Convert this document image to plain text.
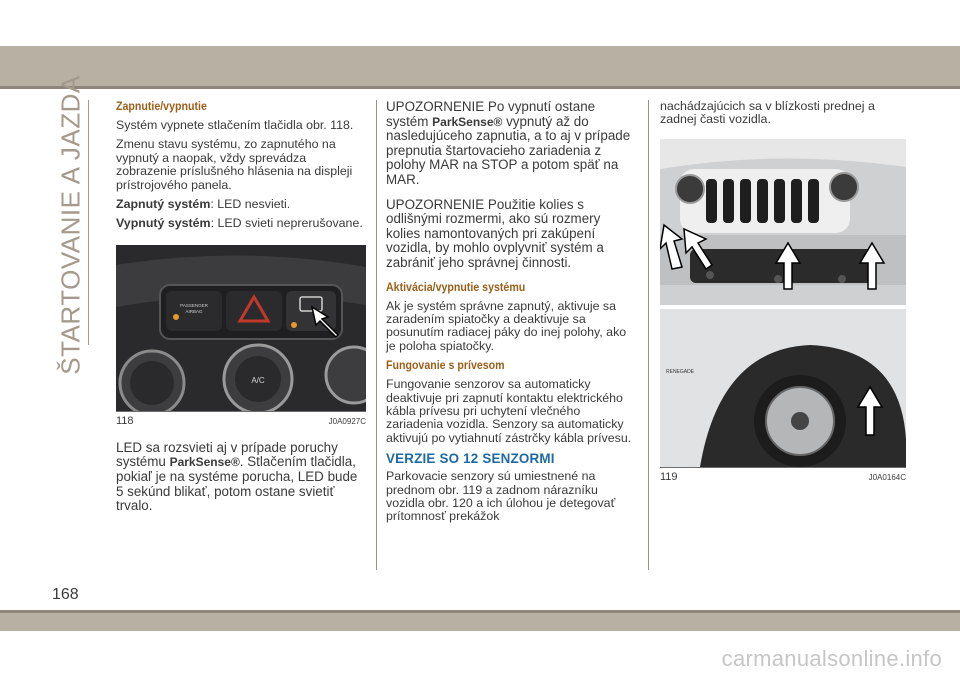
ŠTARTOVANIE A JAZDA	Zapnutie/vypnutie

Systém vypnete stlačením tlačidla obr. 118.

Zmenu stavu systému, zo zapnutého na vypnutý a naopak, vždy sprevádza zobrazenie príslušného hlásenia na displeji prístrojového panela.

Zapnutý systém: LED nesvieti.

Vypnutý systém: LED svieti neprerušovane.

PASSENGER
AIRBAG
A/C
118	J0A0927C

LED sa rozsvieti aj v prípade poruchy systému ParkSense®. Stlačením tlačidla, pokiaľ je na systéme porucha, LED bude 5 sekúnd blikať, potom ostane svietiť trvalo.

UPOZORNENIE Po vypnutí ostane systém ParkSense® vypnutý až do nasledujúceho zapnutia, a to aj v prípade prepnutia štartovacieho zariadenia z polohy MAR na STOP a potom späť na MAR.

UPOZORNENIE Použitie kolies s odlišnými rozmermi, ako sú rozmery kolies namontovaných pri zakúpení vozidla, by mohlo ovplyvniť systém a zabrániť jeho správnej činnosti.

Aktivácia/vypnutie systému

Ak je systém správne zapnutý, aktivuje sa zaradením spiatočky a deaktivuje sa posunutím radiacej páky do inej polohy, ako je poloha spiatočky.

Fungovanie s prívesom

Fungovanie senzorov sa automaticky deaktivuje pri zapnutí kontaktu elektrického kábla prívesu pri uchytení vlečného zariadenia vozidla. Senzory sa automaticky aktivujú po vytiahnutí zástrčky kábla prívesu.

VERZIE SO 12 SENZORMI

Parkovacie senzory sú umiestnené na prednom obr. 119 a zadnom nárazníku vozidla obr. 120 a ich úlohou je detegovať prítomnosť prekážok

nachádzajúcich sa v blízkosti prednej a zadnej časti vozidla.

RENEGADE
119	J0A0164C
168
carmanualsonline.info
